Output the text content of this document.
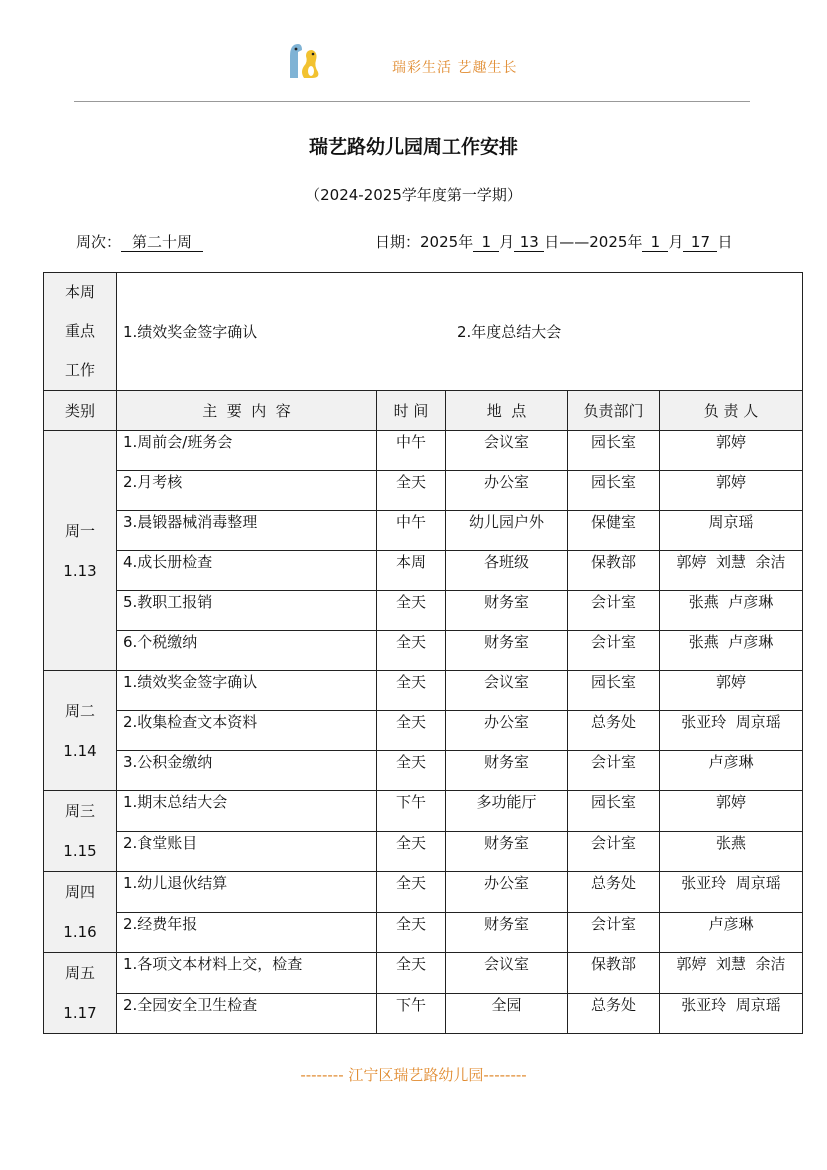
瑞彩生活 艺趣生长
瑞艺路幼儿园周工作安排
（2024-2025学年度第一学期）
周次： 第二十周	日期：2025年 1 月 13 日——2025年 1 月 17 日
本周
重点
工作	1.绩效奖金签字确认 2.年度总结大会				
类别	主  要  内  容	时 间	地  点	负责部门	负 责 人

周一
1.13	1.周前会/班务会	中午	会议室	园长室	郭婷
	2.月考核	全天	办公室	园长室	郭婷
	3.晨锻器械消毒整理	中午	幼儿园户外	保健室	周京瑶
	4.成长册检查	本周	各班级	保教部	郭婷  刘慧  余洁
	5.教职工报销	全天	财务室	会计室	张燕  卢彦琳
	6.个税缴纳	全天	财务室	会计室	张燕  卢彦琳

周二
1.14	1.绩效奖金签字确认	全天	会议室	园长室	郭婷
	2.收集检查文本资料	全天	办公室	总务处	张亚玲  周京瑶
	3.公积金缴纳	全天	财务室	会计室	卢彦琳

周三
1.15	1.期末总结大会	下午	多功能厅	园长室	郭婷
	2.食堂账目	全天	财务室	会计室	张燕

周四
1.16	1.幼儿退伙结算	全天	办公室	总务处	张亚玲  周京瑶
	2.经费年报	全天	财务室	会计室	卢彦琳

周五
1.17	1.各项文本材料上交，检查	全天	会议室	保教部	郭婷  刘慧  余洁
	2.全园安全卫生检查	下午	全园	总务处	张亚玲  周京瑶
-------- 江宁区瑞艺路幼儿园--------
